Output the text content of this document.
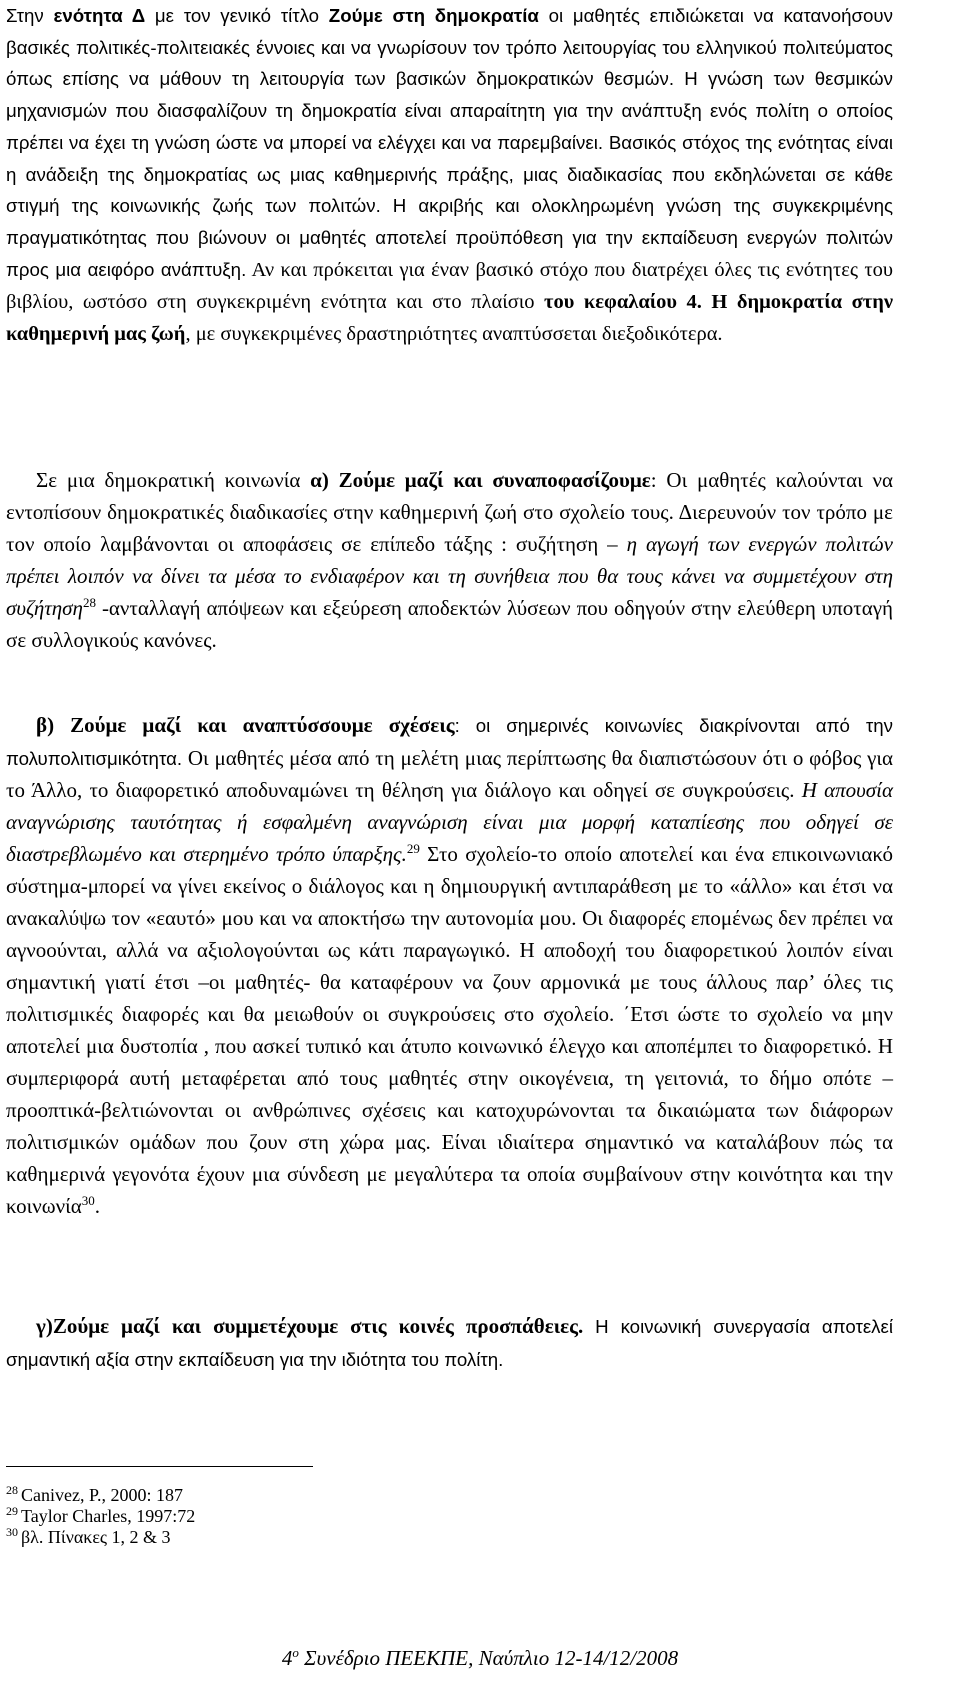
Στην ενότητα Δ με τον γενικό τίτλο Ζούμε στη δημοκρατία οι μαθητές επιδιώκεται να κατανοήσουν βασικές πολιτικές-πολιτειακές έννοιες και να γνωρίσουν τον τρόπο λειτουργίας του ελληνικού πολιτεύματος όπως επίσης να μάθουν τη λειτουργία των βασικών δημοκρατικών θεσμών. Η γνώση των θεσμικών μηχανισμών που διασφαλίζουν τη δημοκρατία είναι απαραίτητη για την ανάπτυξη ενός πολίτη ο οποίος πρέπει να έχει τη γνώση ώστε να μπορεί να ελέγχει και να παρεμβαίνει. Βασικός στόχος της ενότητας είναι η ανάδειξη της δημοκρατίας ως μιας καθημερινής πράξης, μιας διαδικασίας που εκδηλώνεται σε κάθε στιγμή της κοινωνικής ζωής των πολιτών. Η ακριβής και ολοκληρωμένη γνώση της συγκεκριμένης πραγματικότητας που βιώνουν οι μαθητές αποτελεί προϋπόθεση για την εκπαίδευση ενεργών πολιτών προς μια αειφόρο ανάπτυξη. Αν και πρόκειται για έναν βασικό στόχο που διατρέχει όλες τις ενότητες του βιβλίου, ωστόσο στη συγκεκριμένη ενότητα και στο πλαίσιο του κεφαλαίου 4. Η δημοκρατία στην καθημερινή μας ζωή, με συγκεκριμένες δραστηριότητες αναπτύσσεται διεξοδικότερα.

Σε μια δημοκρατική κοινωνία α) Ζούμε μαζί και συναποφασίζουμε: Οι μαθητές καλούνται να εντοπίσουν δημοκρατικές διαδικασίες στην καθημερινή ζωή στο σχολείο τους. Διερευνούν τον τρόπο με τον οποίο λαμβάνονται οι αποφάσεις σε επίπεδο τάξης : συζήτηση – η αγωγή των ενεργών πολιτών πρέπει λοιπόν να δίνει τα μέσα το ενδιαφέρον και τη συνήθεια που θα τους κάνει να συμμετέχουν στη συζήτηση$^{28}$ -ανταλλαγή απόψεων και εξεύρεση αποδεκτών λύσεων που οδηγούν στην ελεύθερη υποταγή σε συλλογικούς κανόνες.

β) Ζούμε μαζί και αναπτύσσουμε σχέσεις: οι σημερινές κοινωνίες διακρίνονται από την πολυπολιτισμικότητα. Οι μαθητές μέσα από τη μελέτη μιας περίπτωσης θα διαπιστώσουν ότι ο φόβος για το Άλλο, το διαφορετικό αποδυναμώνει τη θέληση για διάλογο και οδηγεί σε συγκρούσεις. Η απουσία αναγνώρισης ταυτότητας ή εσφαλμένη αναγνώριση είναι μια μορφή καταπίεσης που οδηγεί σε διαστρεβλωμένο και στερημένο τρόπο ύπαρξης.$^{29}$ Στο σχολείο-το οποίο αποτελεί και ένα επικοινωνιακό σύστημα-μπορεί να γίνει εκείνος ο διάλογος και η δημιουργική αντιπαράθεση με το «άλλο» και έτσι να ανακαλύψω τον «εαυτό» μου και να αποκτήσω την αυτονομία μου. Οι διαφορές επομένως δεν πρέπει να αγνοούνται, αλλά να αξιολογούνται ως κάτι παραγωγικό. Η αποδοχή του διαφορετικού λοιπόν είναι σημαντική γιατί έτσι –οι μαθητές- θα καταφέρουν να ζουν αρμονικά με τους άλλους παρ’ όλες τις πολιτισμικές διαφορές και θα μειωθούν οι συγκρούσεις στο σχολείο. ΄Ετσι ώστε το σχολείο να μην αποτελεί μια δυστοπία , που ασκεί τυπικό και άτυπο κοινωνικό έλεγχο και αποπέμπει το διαφορετικό. Η συμπεριφορά αυτή μεταφέρεται από τους μαθητές στην οικογένεια, τη γειτονιά, το δήμο οπότε – προοπτικά-βελτιώνονται οι ανθρώπινες σχέσεις και κατοχυρώνονται τα δικαιώματα των διάφορων πολιτισμικών ομάδων που ζουν στη χώρα μας. Είναι ιδιαίτερα σημαντικό να καταλάβουν πώς τα καθημερινά γεγονότα έχουν μια σύνδεση με μεγαλύτερα τα οποία συμβαίνουν στην κοινότητα και την κοινωνία$^{30}$.

γ)Ζούμε μαζί και συμμετέχουμε στις κοινές προσπάθειες. Η κοινωνική συνεργασία αποτελεί σημαντική αξία στην εκπαίδευση για την ιδιότητα του πολίτη.

$^{28}$ Canivez, P., 2000: 187
$^{29}$ Taylor Charles, 1997:72
$^{30}$ βλ. Πίνακες 1, 2 & 3
$4^o$ Συνέδριο ΠΕΕΚΠΕ, Ναύπλιο 12-14/12/2008
